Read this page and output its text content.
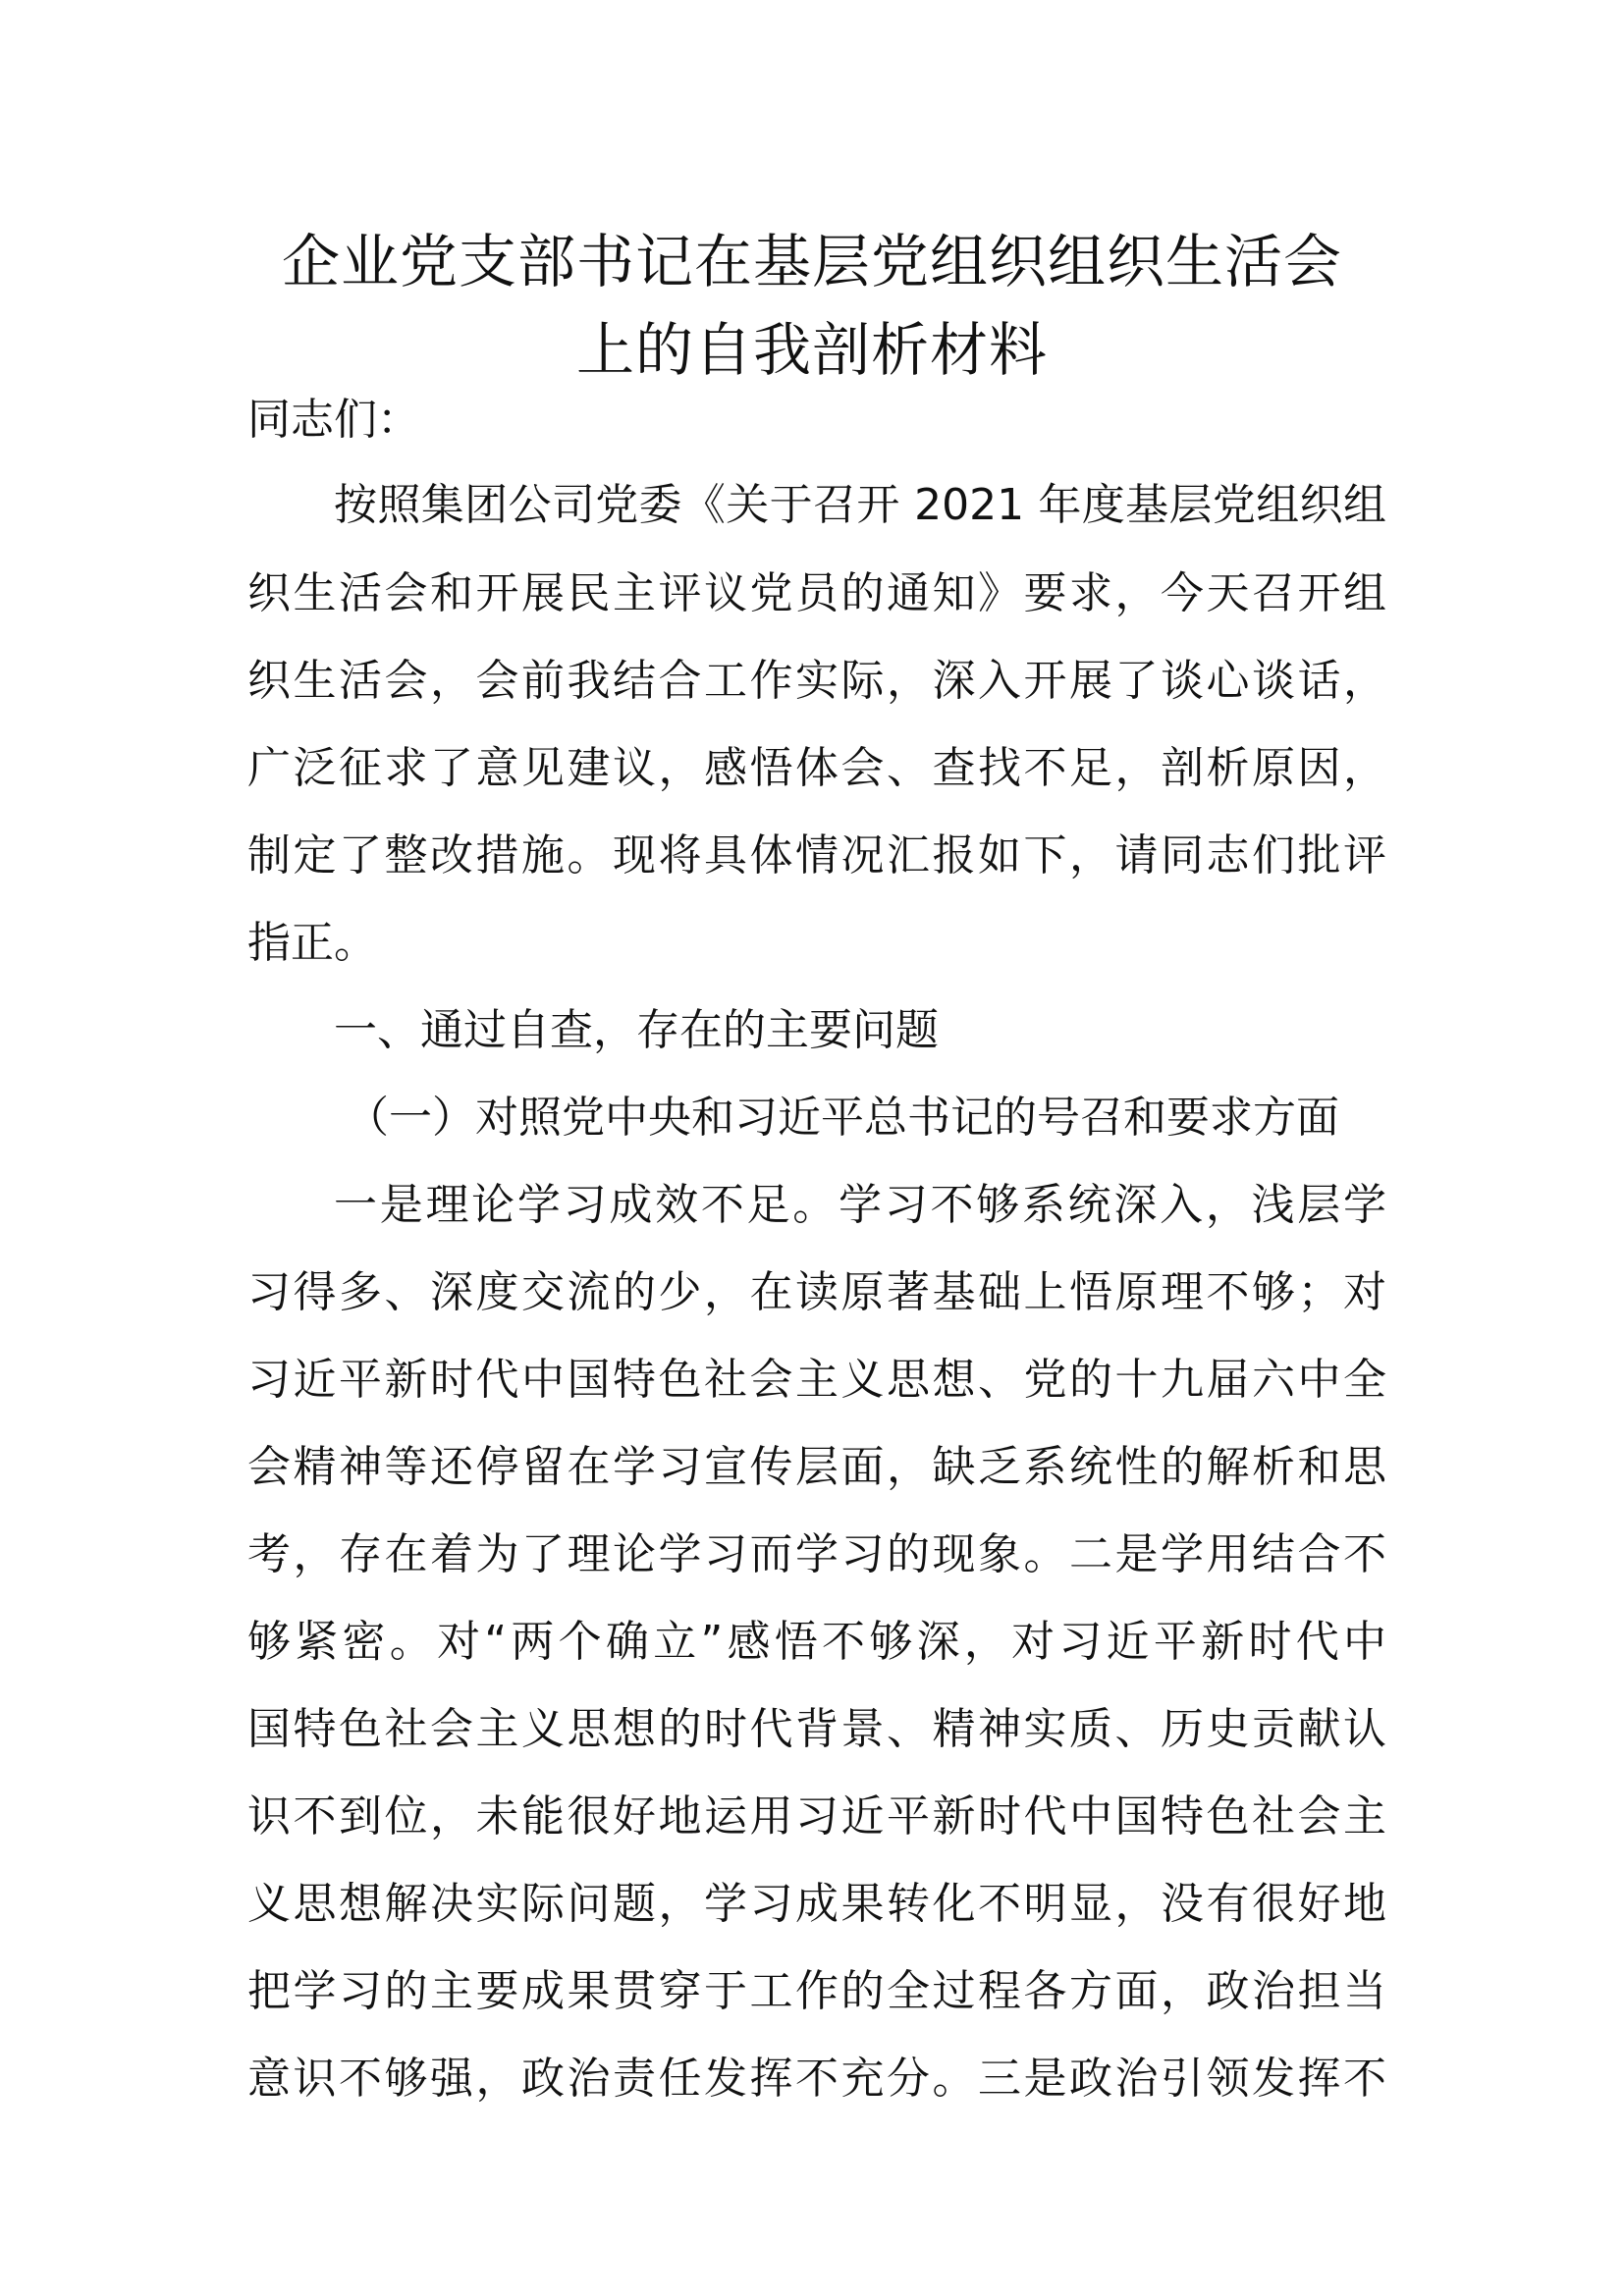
企业党支部书记在基层党组织组织生活会
上的自我剖析材料

同志们：

按照集团公司党委《关于召开 2021 年度基层党组织组

织生活会和开展民主评议党员的通知》要求，今天召开组

织生活会，会前我结合工作实际，深入开展了谈心谈话，

广泛征求了意见建议，感悟体会、查找不足，剖析原因，

制定了整改措施。现将具体情况汇报如下，请同志们批评

指正。

一、通过自查，存在的主要问题

（一）对照党中央和习近平总书记的号召和要求方面

一是理论学习成效不足。学习不够系统深入，浅层学

习得多、深度交流的少，在读原著基础上悟原理不够；对

习近平新时代中国特色社会主义思想、党的十九届六中全

会精神等还停留在学习宣传层面，缺乏系统性的解析和思

考，存在着为了理论学习而学习的现象。二是学用结合不

够紧密。对“两个确立”感悟不够深，对习近平新时代中

国特色社会主义思想的时代背景、精神实质、历史贡献认

识不到位，未能很好地运用习近平新时代中国特色社会主

义思想解决实际问题，学习成果转化不明显，没有很好地

把学习的主要成果贯穿于工作的全过程各方面，政治担当

意识不够强，政治责任发挥不充分。三是政治引领发挥不
